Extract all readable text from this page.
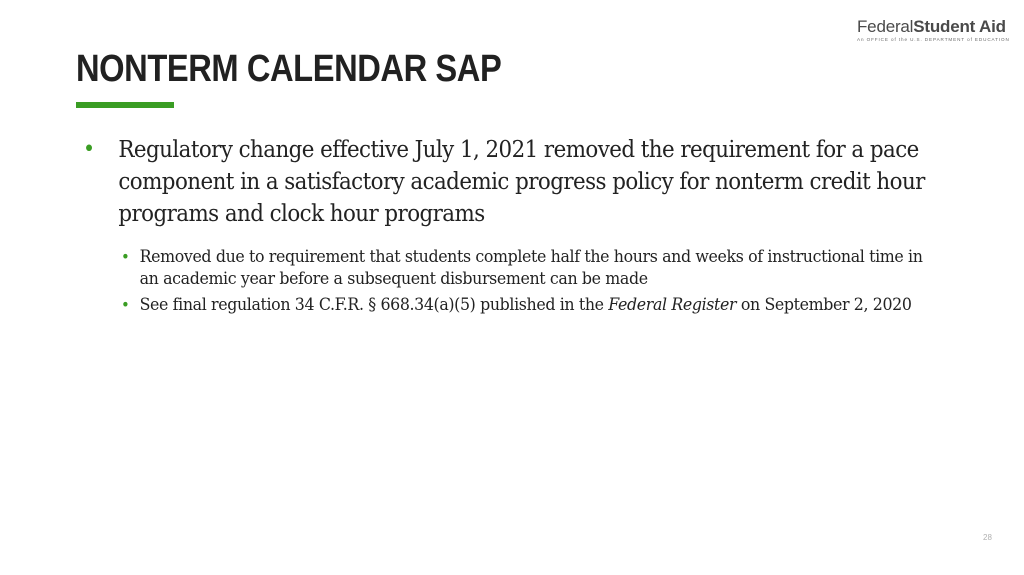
FederalStudent Aid
An OFFICE of the U.S. DEPARTMENT of EDUCATION
NONTERM CALENDAR SAP
• Regulatory change effective July 1, 2021 removed the requirement for a pace component in a satisfactory academic progress policy for nonterm credit hour programs and clock hour programs
• Removed due to requirement that students complete half the hours and weeks of instructional time in an academic year before a subsequent disbursement can be made
• See final regulation 34 C.F.R. § 668.34(a)(5) published in the Federal Register on September 2, 2020
28
